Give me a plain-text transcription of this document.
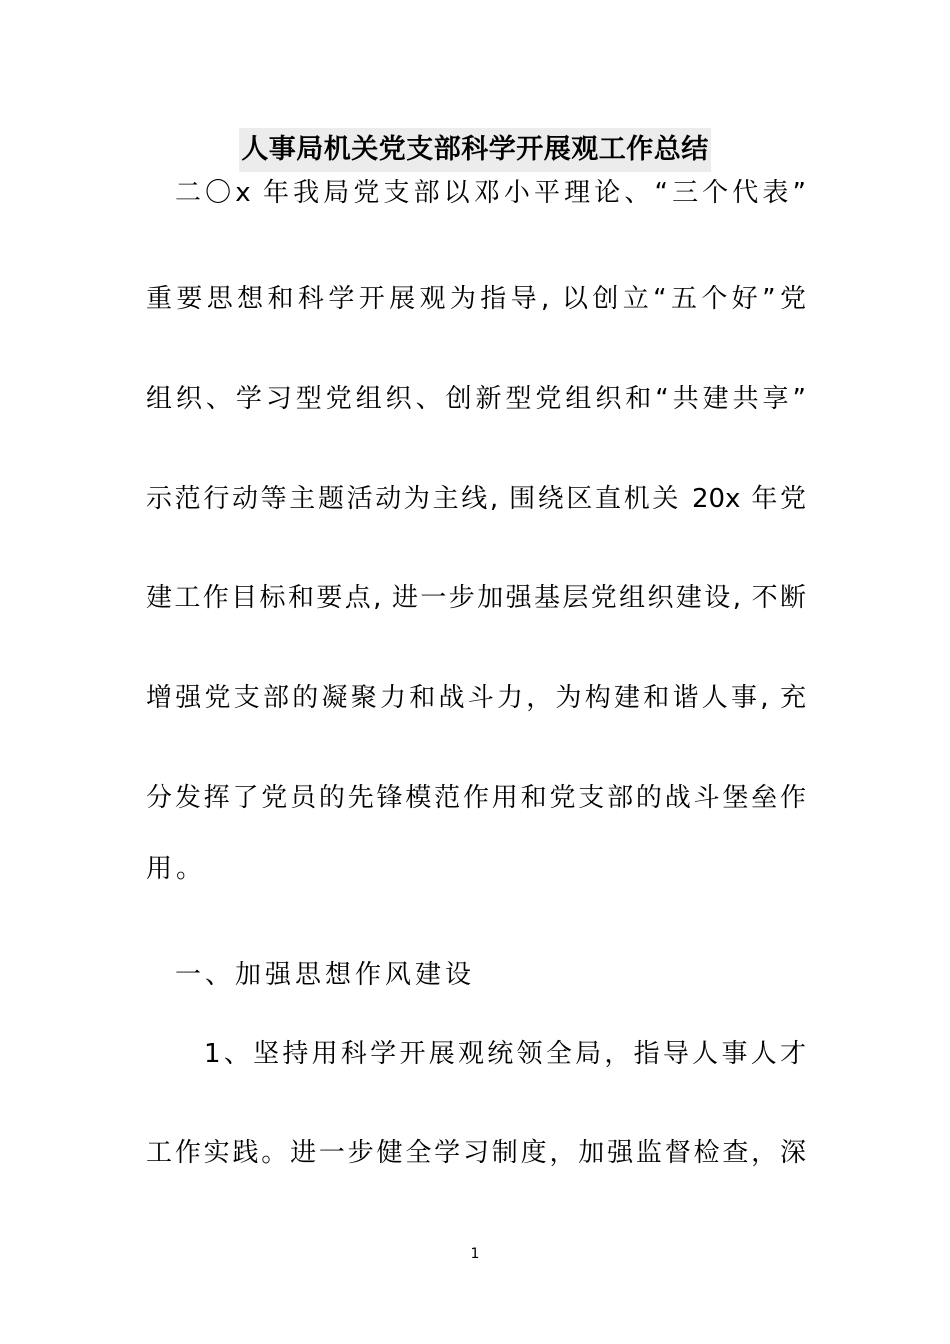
人事局机关党支部科学开展观工作总结
二〇x 年我局党支部以邓小平理论、“三个代表”
重要思想和科学开展观为指导, 以创立“五个好”党
组织、学习型党组织、创新型党组织和“共建共享”
示范行动等主题活动为主线, 围绕区直机关 20x 年党
建工作目标和要点, 进一步加强基层党组织建设, 不断
增强党支部的凝聚力和战斗力，为构建和谐人事, 充
分发挥了党员的先锋模范作用和党支部的战斗堡垒作
用。
一、加强思想作风建设
1、坚持用科学开展观统领全局，指导人事人才
工作实践。进一步健全学习制度，加强监督检查，深
1
